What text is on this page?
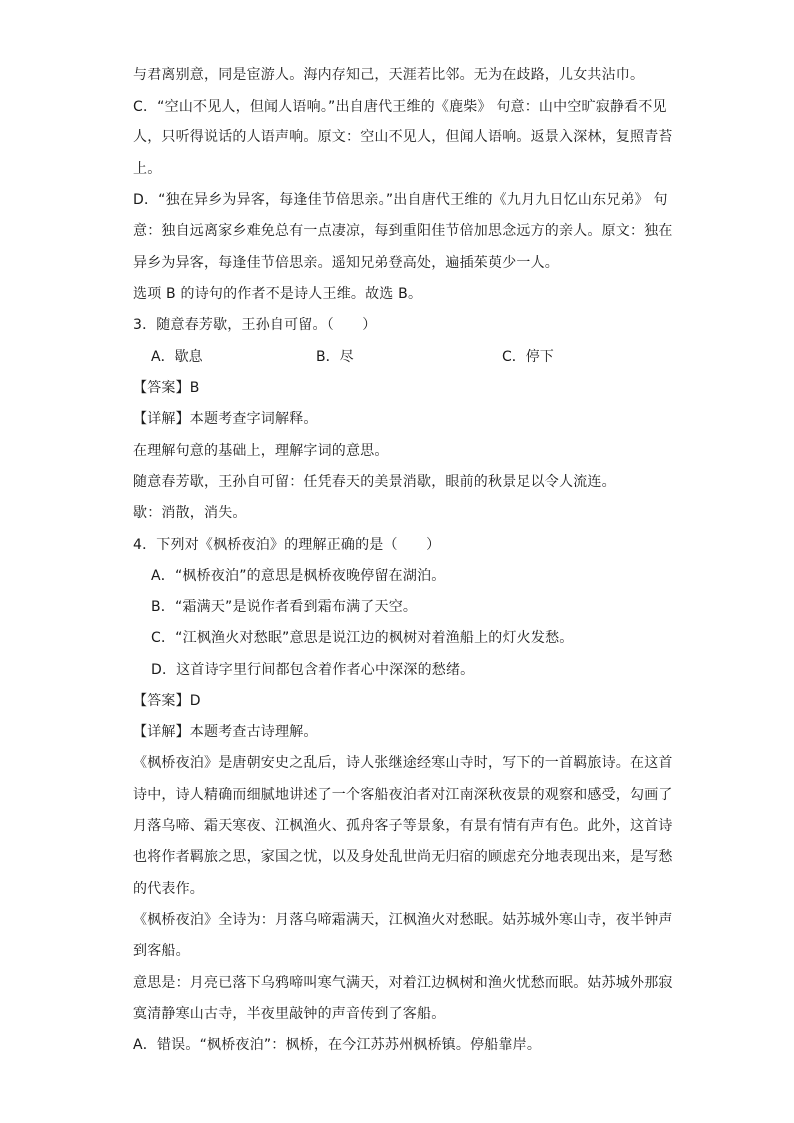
与君离别意，同是宦游人。海内存知己，天涯若比邻。无为在歧路，儿女共沾巾。

C．“空山不见人，但闻人语响。”出自唐代王维的《鹿柴》 句意：山中空旷寂静看不见

人，只听得说话的人语声响。原文：空山不见人，但闻人语响。返景入深林，复照青苔

上。

D．“独在异乡为异客，每逢佳节倍思亲。”出自唐代王维的《九月九日忆山东兄弟》 句

意：独自远离家乡难免总有一点凄凉，每到重阳佳节倍加思念远方的亲人。原文：独在

异乡为异客，每逢佳节倍思亲。遥知兄弟登高处，遍插茱萸少一人。

选项 B 的诗句的作者不是诗人王维。故选 B。

3．随意春芳歇，王孙自可留。（　　）

A．歇息	B．尽	C．停下

【答案】B

【详解】本题考查字词解释。

在理解句意的基础上，理解字词的意思。

随意春芳歇，王孙自可留：任凭春天的美景消歇，眼前的秋景足以令人流连。

歇：消散，消失。

4．下列对《枫桥夜泊》的理解正确的是（　　）

A．“枫桥夜泊”的意思是枫桥夜晚停留在湖泊。

B．“霜满天”是说作者看到霜布满了天空。

C．“江枫渔火对愁眠”意思是说江边的枫树对着渔船上的灯火发愁。

D．这首诗字里行间都包含着作者心中深深的愁绪。

【答案】D

【详解】本题考查古诗理解。

《枫桥夜泊》是唐朝安史之乱后，诗人张继途经寒山寺时，写下的一首羁旅诗。在这首

诗中，诗人精确而细腻地讲述了一个客船夜泊者对江南深秋夜景的观察和感受，勾画了

月落乌啼、霜天寒夜、江枫渔火、孤舟客子等景象，有景有情有声有色。此外，这首诗

也将作者羁旅之思，家国之忧，以及身处乱世尚无归宿的顾虑充分地表现出来，是写愁

的代表作。

《枫桥夜泊》全诗为：月落乌啼霜满天，江枫渔火对愁眠。姑苏城外寒山寺，夜半钟声

到客船。

意思是：月亮已落下乌鸦啼叫寒气满天，对着江边枫树和渔火忧愁而眠。姑苏城外那寂

寞清静寒山古寺，半夜里敲钟的声音传到了客船。

A．错误。“枫桥夜泊”：枫桥，在今江苏苏州枫桥镇。停船靠岸。
